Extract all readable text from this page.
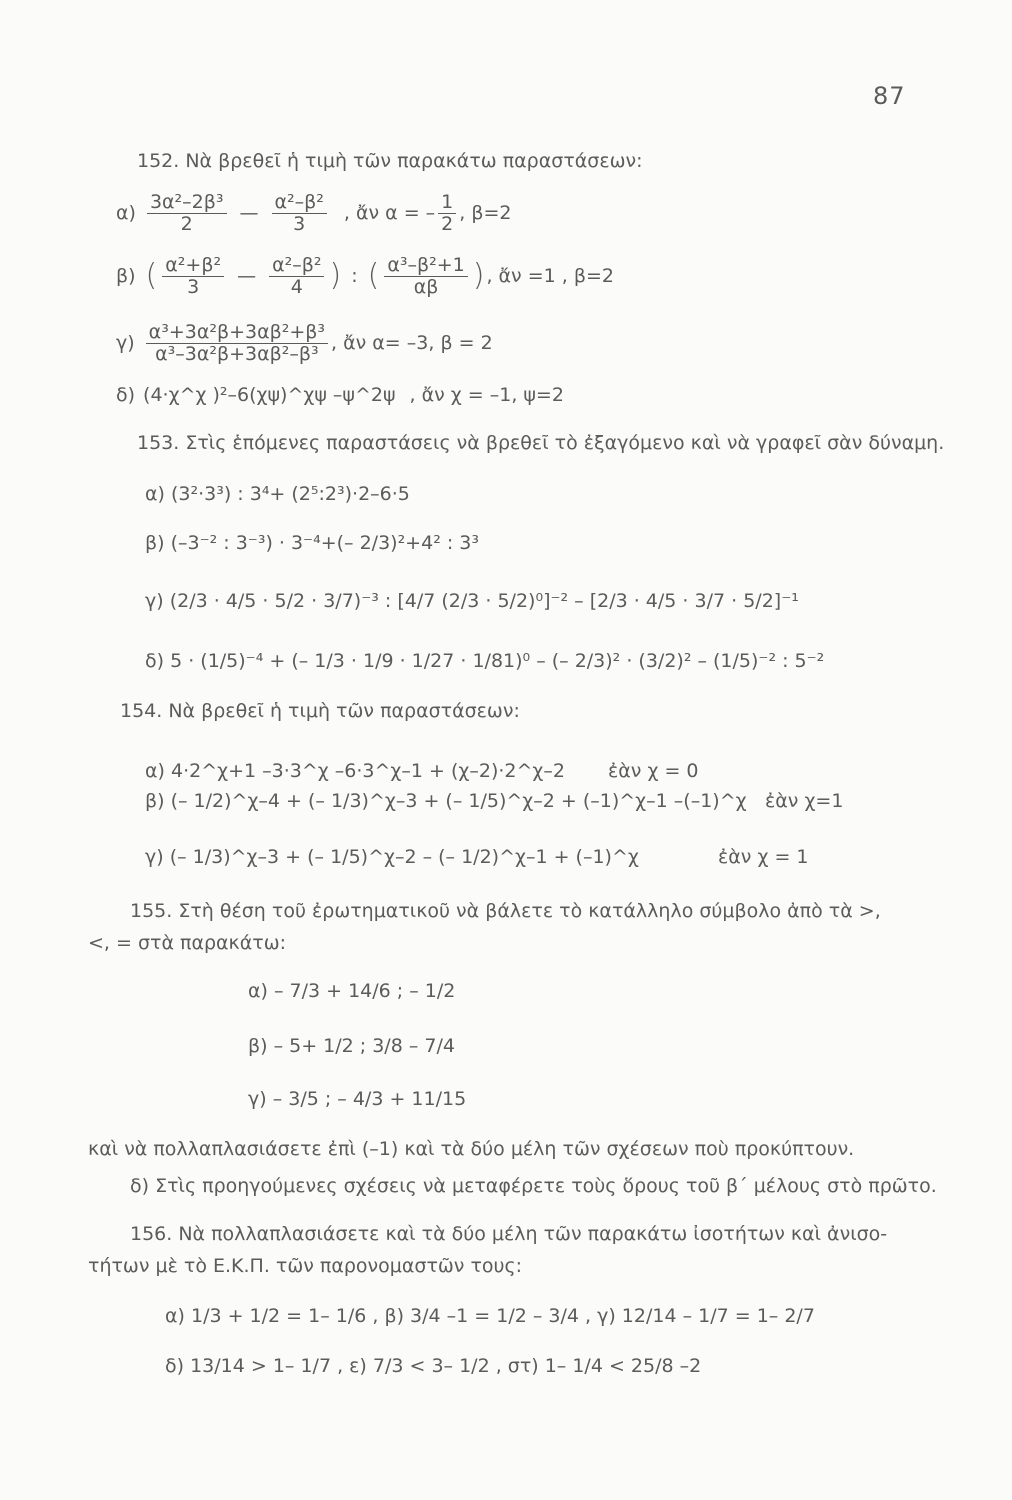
87
152. Νὰ βρεθεῖ ἡ τιμὴ τῶν παρακάτω παραστάσεων:
$\alpha) \frac{\text{3α²–2β³}}{2}$ — $\frac{\text{α²–β²}}{3}$ , ἄν α = – $\frac{1}{2}$ , β=2
β) ( $\frac{\text{α²+β²}}{3}$ — $\frac{\text{α²–β²}}{4}$ ) : ( $\frac{\text{α³–β²+1}}{\alpha\beta}$ ) , ἄν =1 , β=2
$\gamma) \frac{\text{α³+3α²β+3αβ²+β³}}{\text{α³–3α²β+3αβ²–β³}}$ , ἄν α= –3, β = 2
δ) (4·χ^χ )²–6(χψ)^χψ –ψ^2ψ , ἄν χ = –1, ψ=2
153. Στὶς ἑπόμενες παραστάσεις νὰ βρεθεῖ τὸ ἐξαγόμενο καὶ νὰ γραφεῖ σὰν δύναμη.
α) (3²·3³) : 3⁴+ (2⁵:2³)·2–6·5
β) (–3⁻² : 3⁻³) · 3⁻⁴+(– 2/3)²+4² : 3³
γ) (2/3 · 4/5 · 5/2 · 3/7)⁻³ : [4/7 (2/3 · 5/2)⁰]⁻² – [2/3 · 4/5 · 3/7 · 5/2]⁻¹
δ) 5 · (1/5)⁻⁴ + (– 1/3 · 1/9 · 1/27 · 1/81)⁰ – (– 2/3)² · (3/2)² – (1/5)⁻² : 5⁻²
154. Νὰ βρεθεῖ ἡ τιμὴ τῶν παραστάσεων:
α) 4·2^χ+1 –3·3^χ –6·3^χ–1 + (χ–2)·2^χ–2 ἐὰν χ = 0
β) (– 1/2)^χ–4 + (– 1/3)^χ–3 + (– 1/5)^χ–2 + (–1)^χ–1 –(–1)^χ ἐὰν χ=1
γ) (– 1/3)^χ–3 + (– 1/5)^χ–2 – (– 1/2)^χ–1 + (–1)^χ	ἐὰν χ = 1
155. Στὴ θέση τοῦ ἐρωτηματικοῦ νὰ βάλετε τὸ κατάλληλο σύμβολο ἀπὸ τὰ >,
<, = στὰ παρακάτω:
α) – 7/3 + 14/6 ; – 1/2
β) – 5+ 1/2 ; 3/8 – 7/4
γ) – 3/5 ; – 4/3 + 11/15
καὶ νὰ πολλαπλασιάσετε ἐπὶ (–1) καὶ τὰ δύο μέλη τῶν σχέσεων ποὺ προκύπτουν.
δ) Στὶς προηγούμενες σχέσεις νὰ μεταφέρετε τοὺς ὅρους τοῦ β΄ μέλους στὸ πρῶτο.
156. Νὰ πολλαπλασιάσετε καὶ τὰ δύο μέλη τῶν παρακάτω ἰσοτήτων καὶ ἀνισο-
τήτων μὲ τὸ Ε.Κ.Π. τῶν παρονομαστῶν τους:
α) 1/3 + 1/2 = 1– 1/6 , β) 3/4 –1 = 1/2 – 3/4 , γ) 12/14 – 1/7 = 1– 2/7
δ) 13/14 > 1– 1/7 , ε) 7/3 < 3– 1/2 , στ) 1– 1/4 < 25/8 –2
